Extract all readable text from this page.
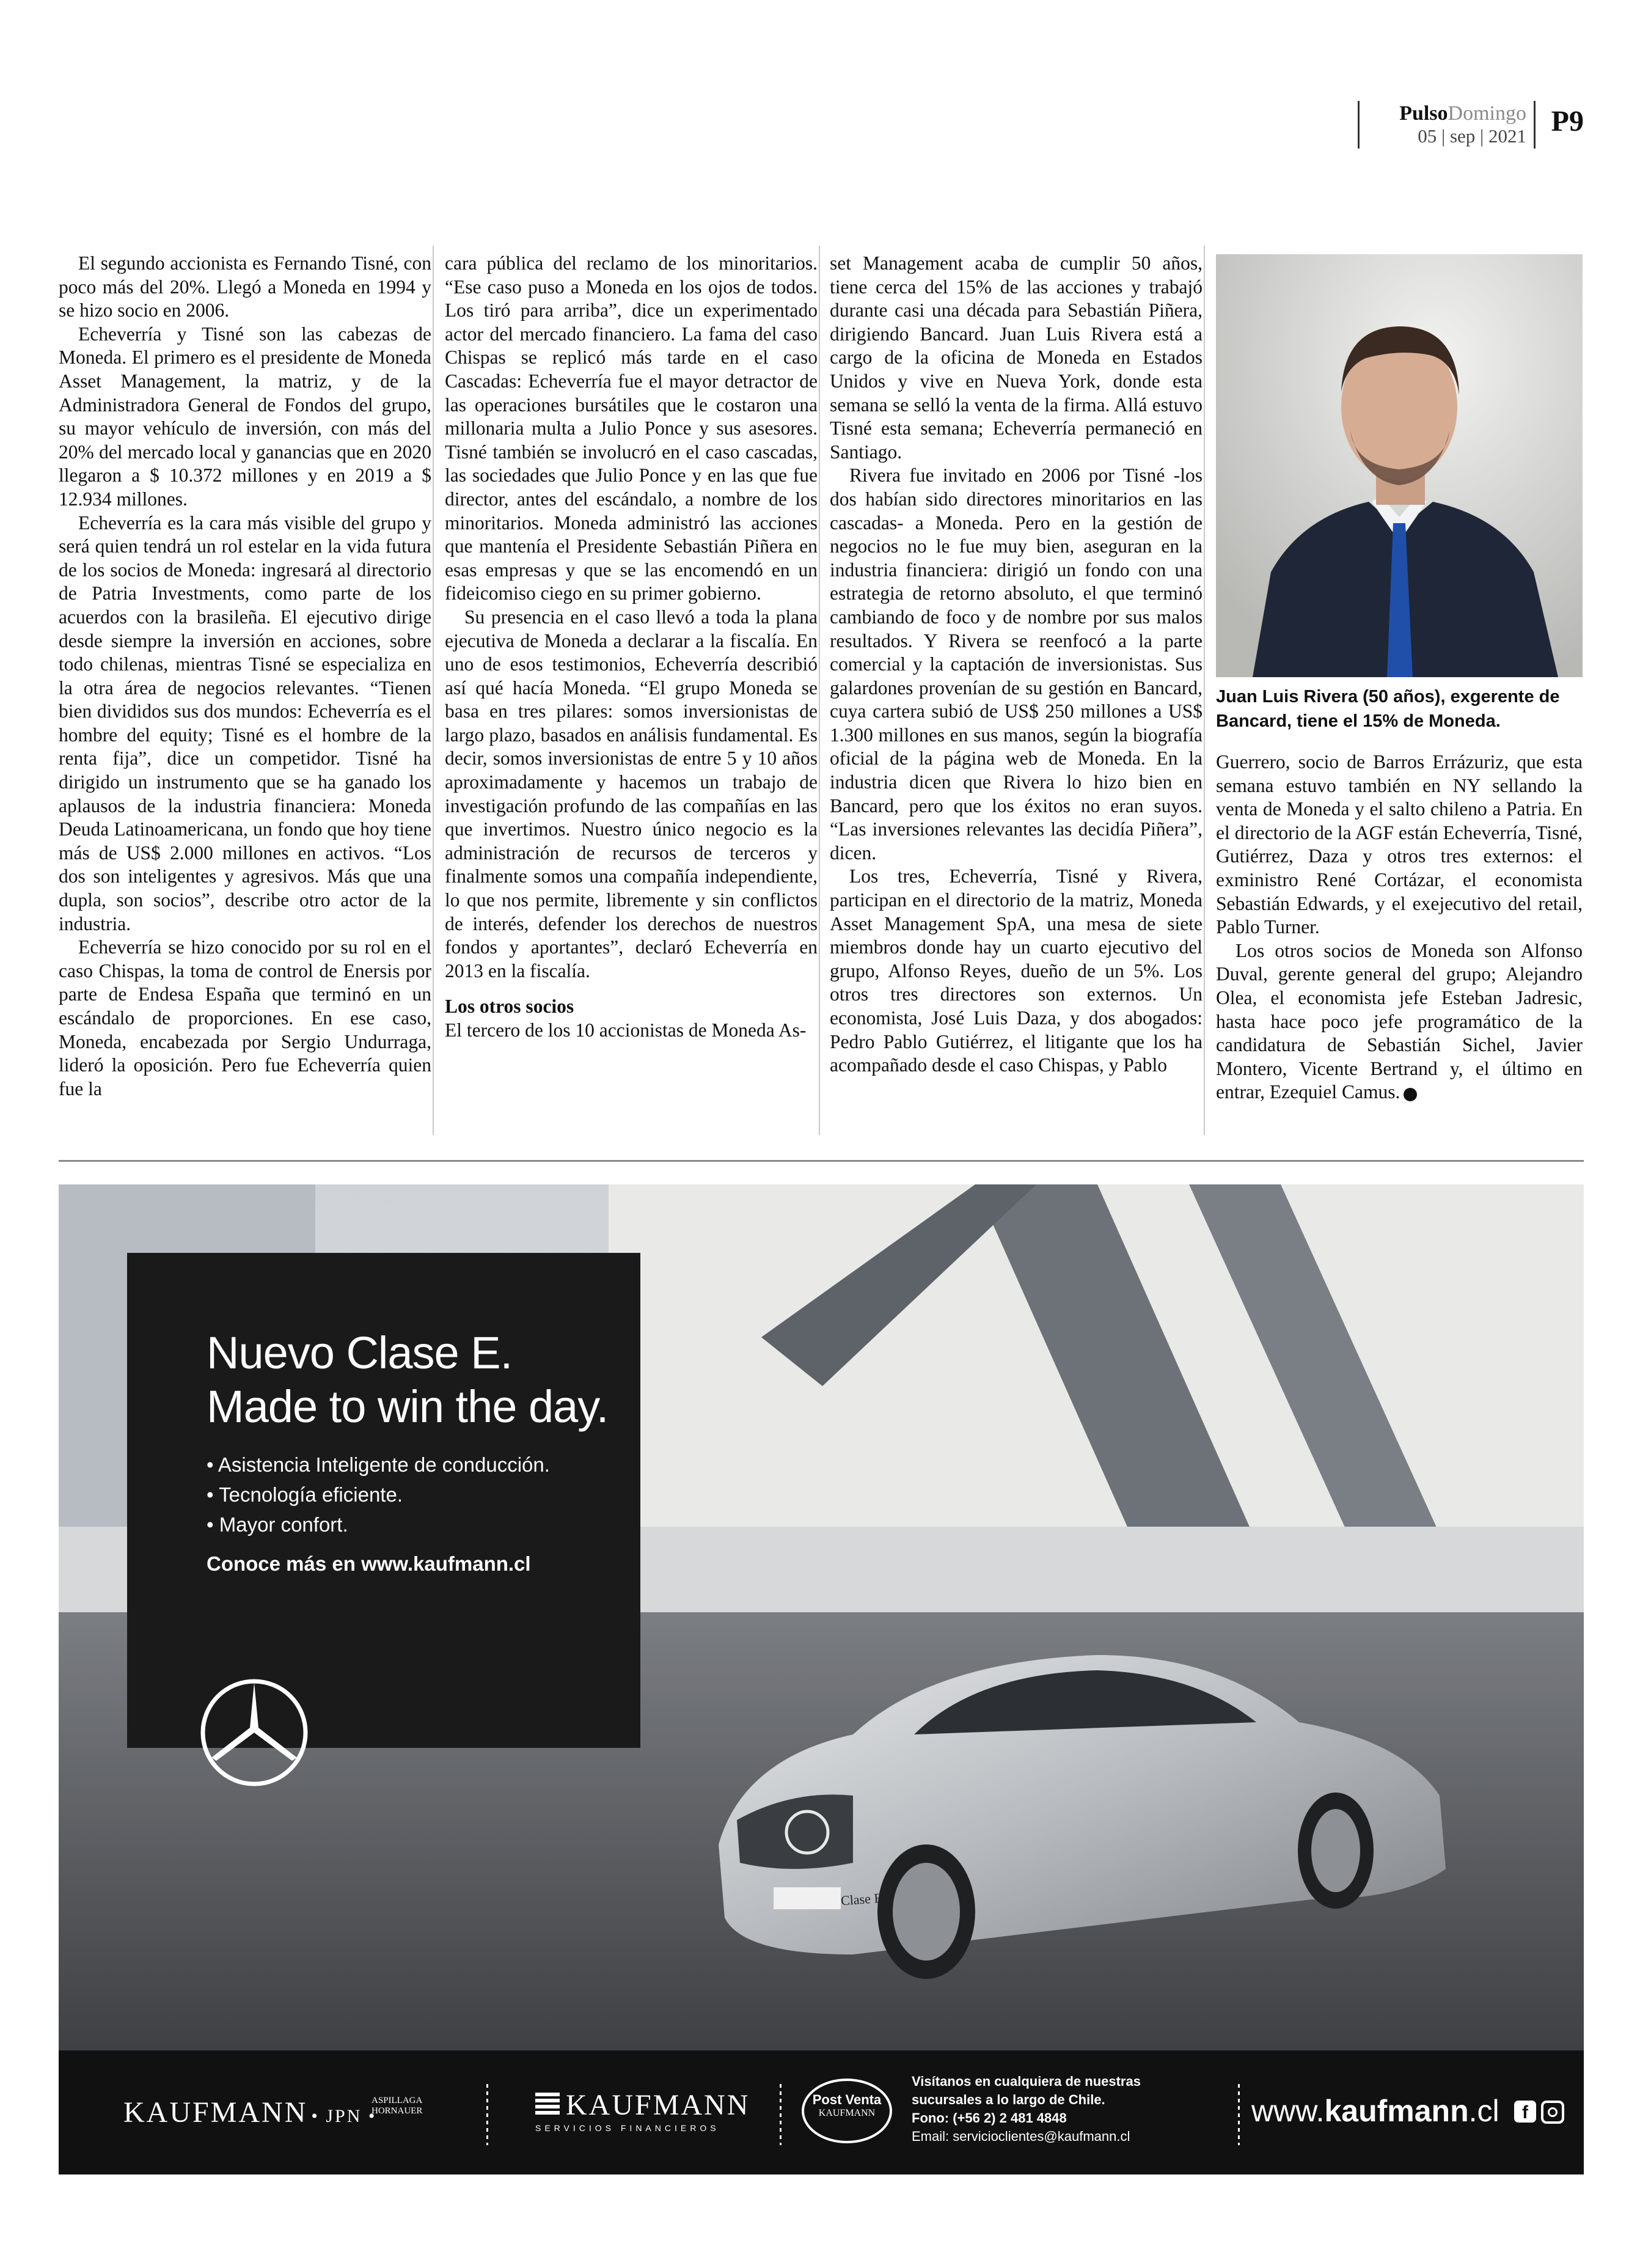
PulsoDomingo
05 | sep | 2021 P9

El segundo accionista es Fernando Tisné, con poco más del 20%. Llegó a Moneda en 1994 y se hizo socio en 2006.

Echeverría y Tisné son las cabezas de Moneda. El primero es el presidente de Moneda Asset Management, la matriz, y de la Administradora General de Fondos del grupo, su mayor vehículo de inversión, con más del 20% del mercado local y ganancias que en 2020 llegaron a $ 10.372 millones y en 2019 a $ 12.934 millones.

Echeverría es la cara más visible del grupo y será quien tendrá un rol estelar en la vida futura de los socios de Moneda: ingresará al directorio de Patria Investments, como parte de los acuerdos con la brasileña. El ejecutivo dirige desde siempre la inversión en acciones, sobre todo chilenas, mientras Tisné se especializa en la otra área de negocios relevantes. “Tienen bien divididos sus dos mundos: Echeverría es el hombre del equity; Tisné es el hombre de la renta fija”, dice un competidor. Tisné ha dirigido un instrumento que se ha ganado los aplausos de la industria financiera: Moneda Deuda Latinoamericana, un fondo que hoy tiene más de US$ 2.000 millones en activos. “Los dos son inteligentes y agresivos. Más que una dupla, son socios”, describe otro actor de la industria.

Echeverría se hizo conocido por su rol en el caso Chispas, la toma de control de Enersis por parte de Endesa España que terminó en un escándalo de proporciones. En ese caso, Moneda, encabezada por Sergio Undurraga, lideró la oposición. Pero fue Echeverría quien fue la

cara pública del reclamo de los minoritarios. “Ese caso puso a Moneda en los ojos de todos. Los tiró para arriba”, dice un experimentado actor del mercado financiero. La fama del caso Chispas se replicó más tarde en el caso Cascadas: Echeverría fue el mayor detractor de las operaciones bursátiles que le costaron una millonaria multa a Julio Ponce y sus asesores. Tisné también se involucró en el caso cascadas, las sociedades que Julio Ponce y en las que fue director, antes del escándalo, a nombre de los minoritarios. Moneda administró las acciones que mantenía el Presidente Sebastián Piñera en esas empresas y que se las encomendó en un fideicomiso ciego en su primer gobierno.

Su presencia en el caso llevó a toda la plana ejecutiva de Moneda a declarar a la fiscalía. En uno de esos testimonios, Echeverría describió así qué hacía Moneda. “El grupo Moneda se basa en tres pilares: somos inversionistas de largo plazo, basados en análisis fundamental. Es decir, somos inversionistas de entre 5 y 10 años aproximadamente y hacemos un trabajo de investigación profundo de las compañías en las que invertimos. Nuestro único negocio es la administración de recursos de terceros y finalmente somos una compañía independiente, lo que nos permite, libremente y sin conflictos de interés, defender los derechos de nuestros fondos y aportantes”, declaró Echeverría en 2013 en la fiscalía.

Los otros socios

El tercero de los 10 accionistas de Moneda As-

set Management acaba de cumplir 50 años, tiene cerca del 15% de las acciones y trabajó durante casi una década para Sebastián Piñera, dirigiendo Bancard. Juan Luis Rivera está a cargo de la oficina de Moneda en Estados Unidos y vive en Nueva York, donde esta semana se selló la venta de la firma. Allá estuvo Tisné esta semana; Echeverría permaneció en Santiago.

Rivera fue invitado en 2006 por Tisné -los dos habían sido directores minoritarios en las cascadas- a Moneda. Pero en la gestión de negocios no le fue muy bien, aseguran en la industria financiera: dirigió un fondo con una estrategia de retorno absoluto, el que terminó cambiando de foco y de nombre por sus malos resultados. Y Rivera se reenfocó a la parte comercial y la captación de inversionistas. Sus galardones provenían de su gestión en Bancard, cuya cartera subió de US$ 250 millones a US$ 1.300 millones en sus manos, según la biografía oficial de la página web de Moneda. En la industria dicen que Rivera lo hizo bien en Bancard, pero que los éxitos no eran suyos. “Las inversiones relevantes las decidía Piñera”, dicen.

Los tres, Echeverría, Tisné y Rivera, participan en el directorio de la matriz, Moneda Asset Management SpA, una mesa de siete miembros donde hay un cuarto ejecutivo del grupo, Alfonso Reyes, dueño de un 5%. Los otros tres directores son externos. Un economista, José Luis Daza, y dos abogados: Pedro Pablo Gutiérrez, el litigante que los ha acompañado desde el caso Chispas, y Pablo

Juan Luis Rivera (50 años), exgerente de Bancard, tiene el 15% de Moneda.

Guerrero, socio de Barros Errázuriz, que esta semana estuvo también en NY sellando la venta de Moneda y el salto chileno a Patria. En el directorio de la AGF están Echeverría, Tisné, Gutiérrez, Daza y otros tres externos: el exministro René Cortázar, el economista Sebastián Edwards, y el exejecutivo del retail, Pablo Turner.

Los otros socios de Moneda son Alfonso Duval, gerente general del grupo; Alejandro Olea, el economista jefe Esteban Jadresic, hasta hace poco jefe programático de la candidatura de Sebastián Sichel, Javier Montero, Vicente Bertrand y, el último en entrar, Ezequiel Camus.	P

Nuevo Clase E.
Made to win the day.
• Asistencia Inteligente de conducción.
• Tecnología eficiente.
• Mayor confort.
Conoce más en www.kaufmann.cl
Clase E
KAUFMANN • JPN •
ASPILLAGA
HORNAUER	KAUFMANN
SERVICIOS FINANCIEROS
Post Venta
KAUFMANN
Visítanos en cualquiera de nuestras
sucursales a lo largo de Chile.
Fono: (+56 2) 2 481 4848
Email: servicioclientes@kaufmann.cl
www.kaufmann.cl	f
